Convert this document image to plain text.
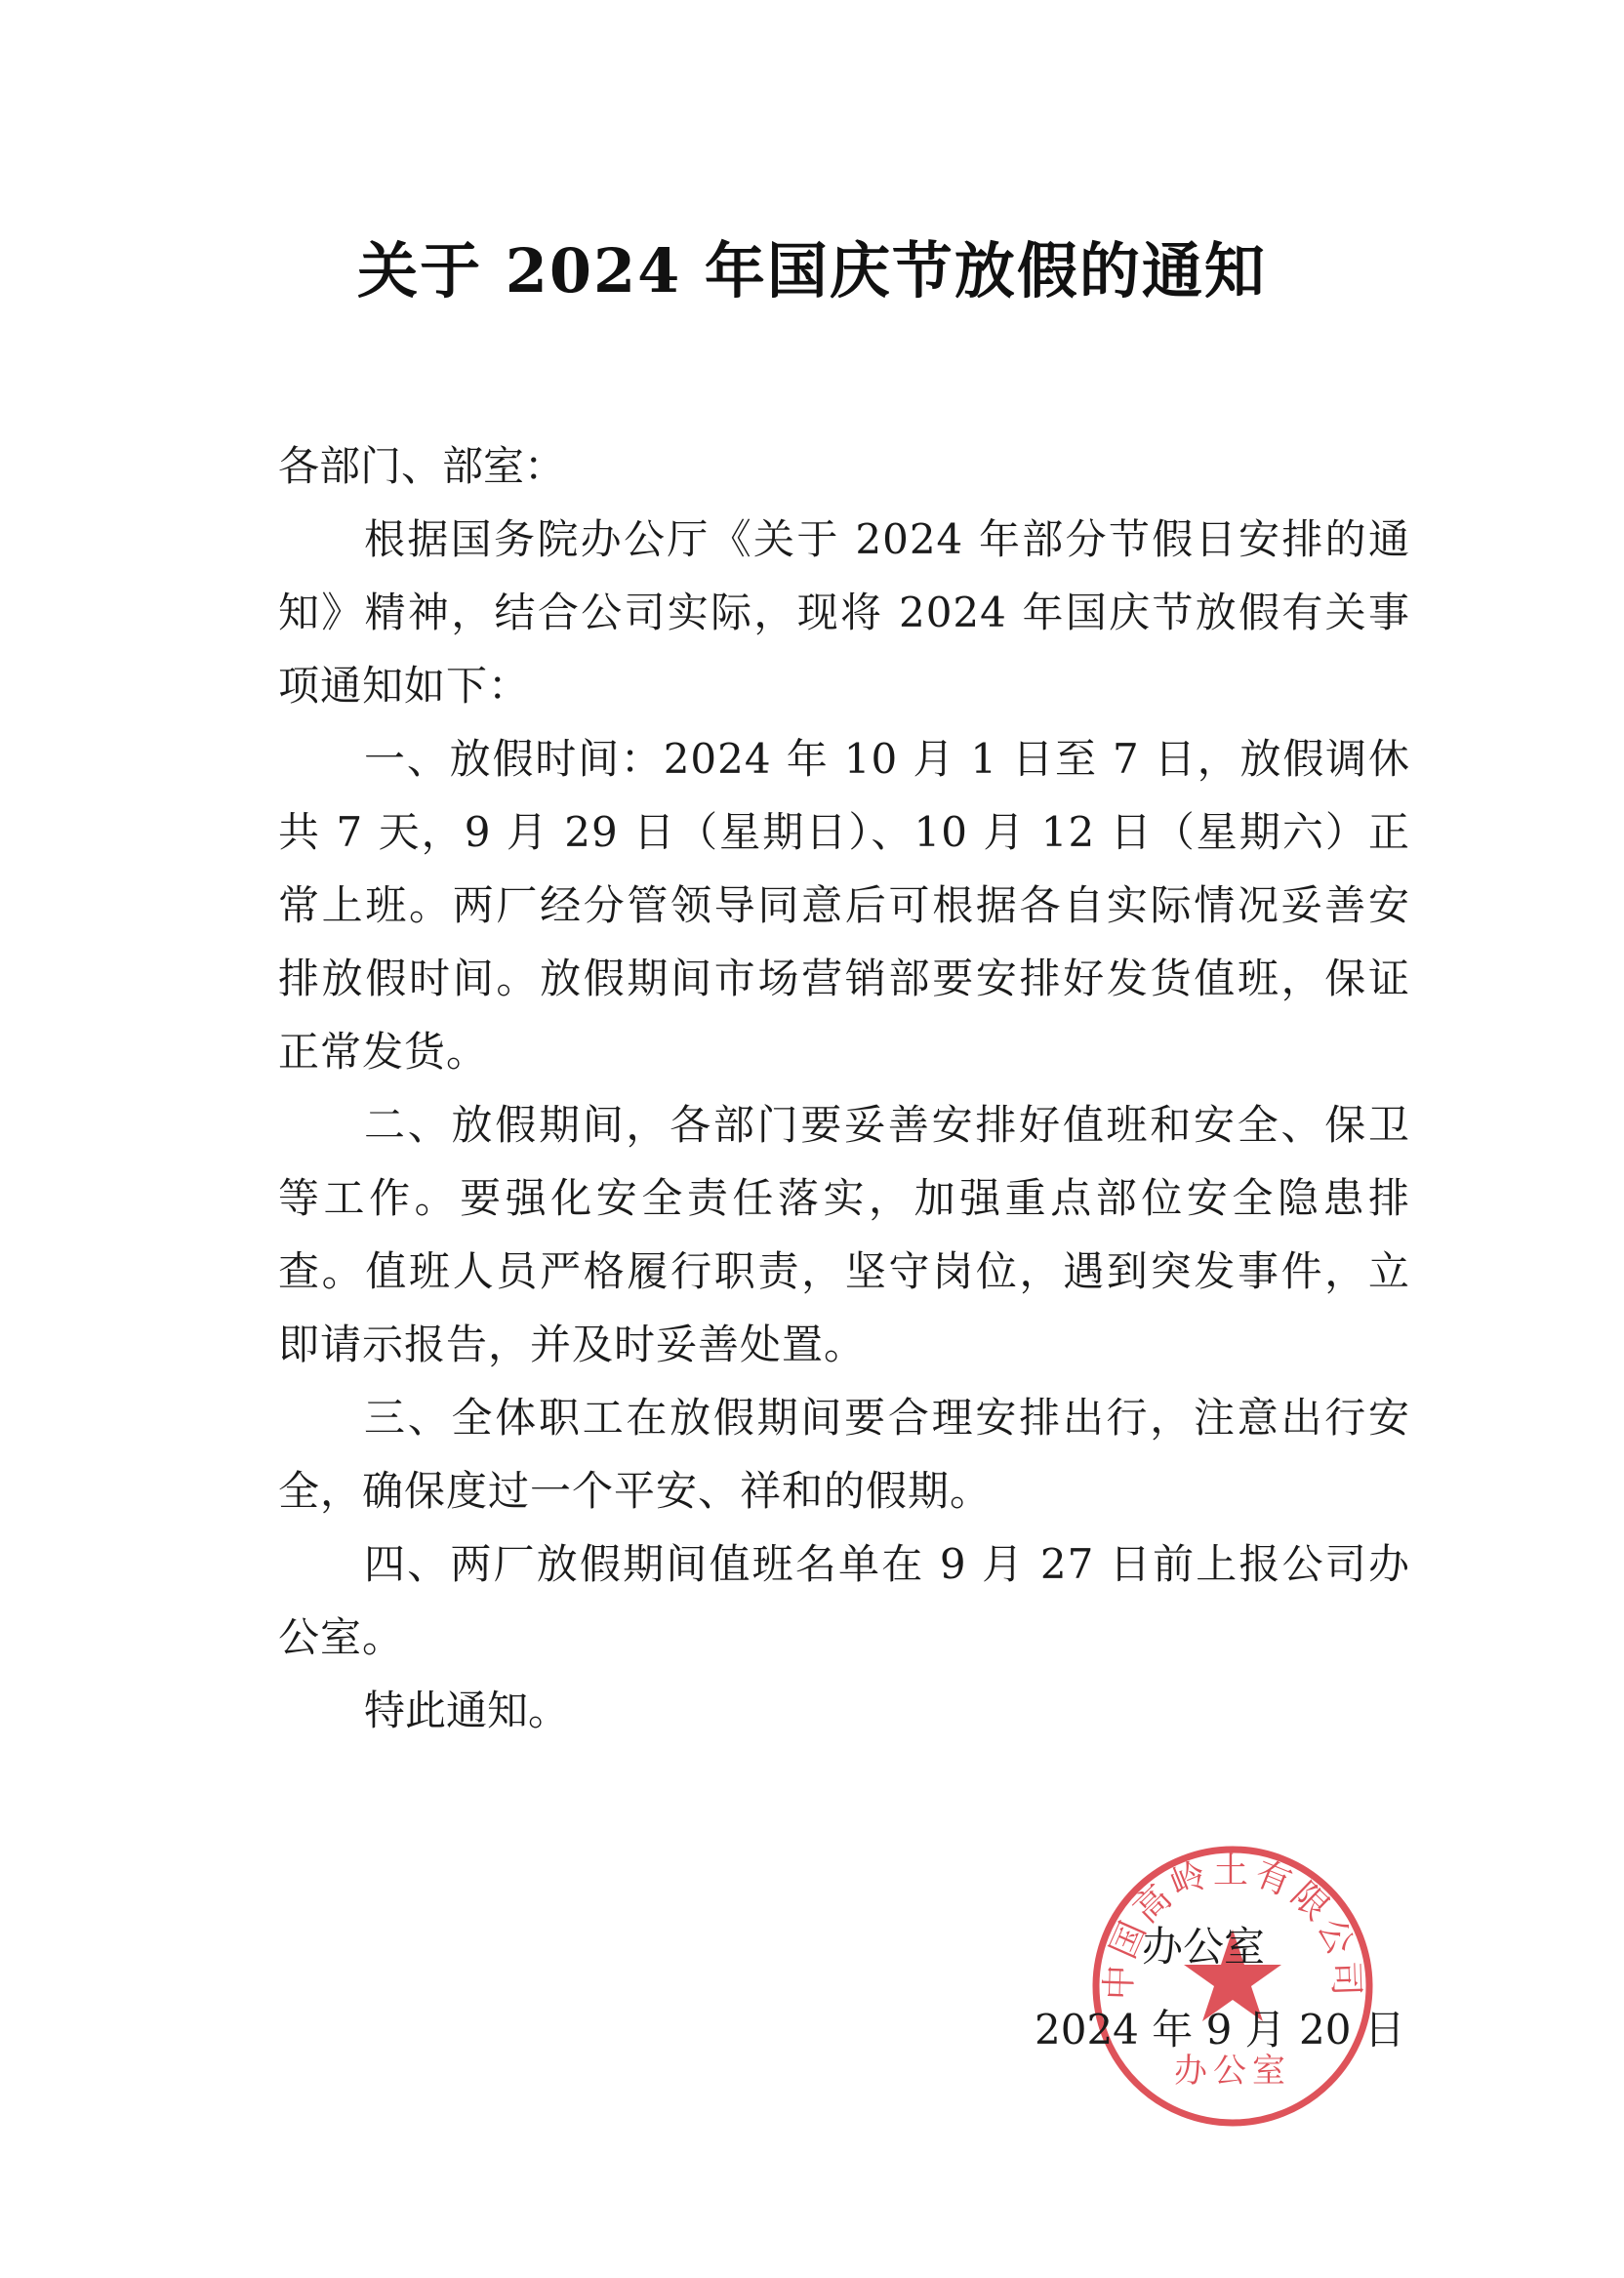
关于 2024 年国庆节放假的通知
各部门、部室：

根据国务院办公厅《关于 2024 年部分节假日安排的通知》精神，结合公司实际，现将 2024 年国庆节放假有关事项通知如下：

一、放假时间：2024 年 10 月 1 日至 7 日，放假调休共 7 天，9 月 29 日（星期日）、10 月 12 日（星期六）正常上班。两厂经分管领导同意后可根据各自实际情况妥善安排放假时间。放假期间市场营销部要安排好发货值班，保证正常发货。

二、放假期间，各部门要妥善安排好值班和安全、保卫等工作。要强化安全责任落实，加强重点部位安全隐患排查。值班人员严格履行职责，坚守岗位，遇到突发事件，立即请示报告，并及时妥善处置。

三、全体职工在放假期间要合理安排出行，注意出行安全，确保度过一个平安、祥和的假期。

四、两厂放假期间值班名单在 9 月 27 日前上报公司办公室。

特此通知。

中国高岭土有限公司
办公室
办公室
2024 年 9 月 20 日
